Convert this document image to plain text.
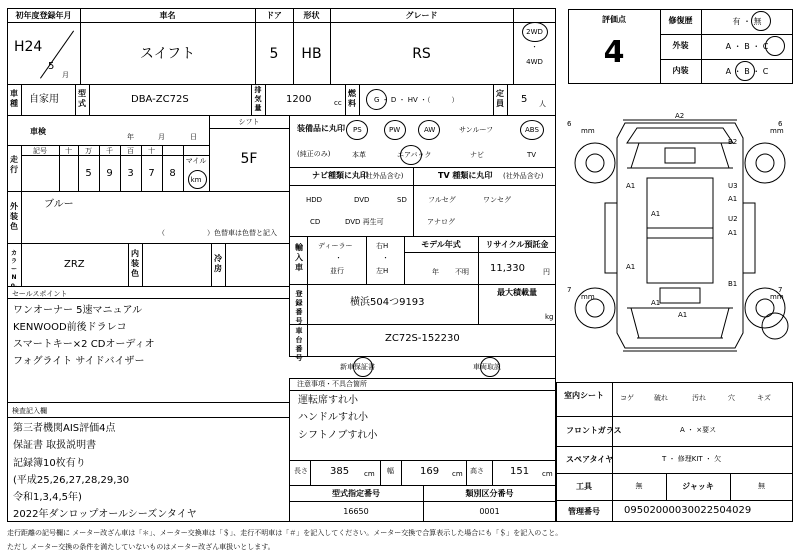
初年度登録年月	車名	ドア	形状	グレード
H24
5
月
スイフト	5	HB	RS
2WD
・
4WD
車種 自家用
型式	DBA-ZC72S
排気量
1200	cc
燃料	G ・ D ・ HV ・（　　　）
定員 5 人
車検
年	月	日
シフト
5F
走行
記号	十	万	千	百	十
マイル
5	9	3	7	8
km
装備品に丸印
(純正のみ)
PS	PW	AW	サンルーフ	ABS
本革	エアバック	ナビ	TV
外装色
ブルー
（　　　　　　）色替車は色替と記入
カラーNo.
ZRZ
内装色
冷房
ナビ種類に丸印
(社外品含む)	TV 種類に丸印 (社外品含む)
HDD	DVD	SD
CD	DVD 再生可
フルセグ	ワンセグ
アナログ
輸入車
ディーラー
・
並行
右H
・
左H
モデル年式
年 不明
リサイクル預託金
11,330	円
登録番号
横浜504つ9193
最大積載量
kg
車台番号
ZC72S-152230
新車保証書	車両取説
セールスポイント
ワンオーナー 5速マニュアル
KENWOOD前後ドラレコ
スマートキー×2 CDオーディオ
フォグライト サイドバイザー
検査記入欄
第三者機関AIS評価4点
保証書 取扱説明書
記録簿10枚有り
(平成25,26,27,28,29,30
令和1,3,4,5年)
2022年ダンロップオールシーズンタイヤ
注意事項・不具合箇所
運転席すれ小
ハンドルすれ小
シフトノブすれ小
長さ 385 cm 幅	169 cm 高さ	151 cm
型式指定番号	類別区分番号
16650	0001
評価点
4
修復歴
外装
内装
有 ・ 無
A ・ B ・ C
A ・ B ・ C
6
mm
6
mm
7
mm
7
mm
A2
B2
A1	U3
A1
A1
U2
A1
A1
B1
A1
A1
室内シート	コゲ	破れ	汚れ	穴	キズ
フロントガラス	A ・ ×要ス
スペアタイヤ	T ・ 修理KIT ・ 欠
工具	無	ジャッキ	無
管理番号	09502000030022504029
走行距離の記号欄に メーター改ざん車は「＊」、メーター交換車は「＄」、走行不明車は「＃」を記入してください。メーター交換で合算表示した場合にも「＄」を記入のこと。
ただし メーター交換の条件を満たしていないものはメーター改ざん車扱いとします。
